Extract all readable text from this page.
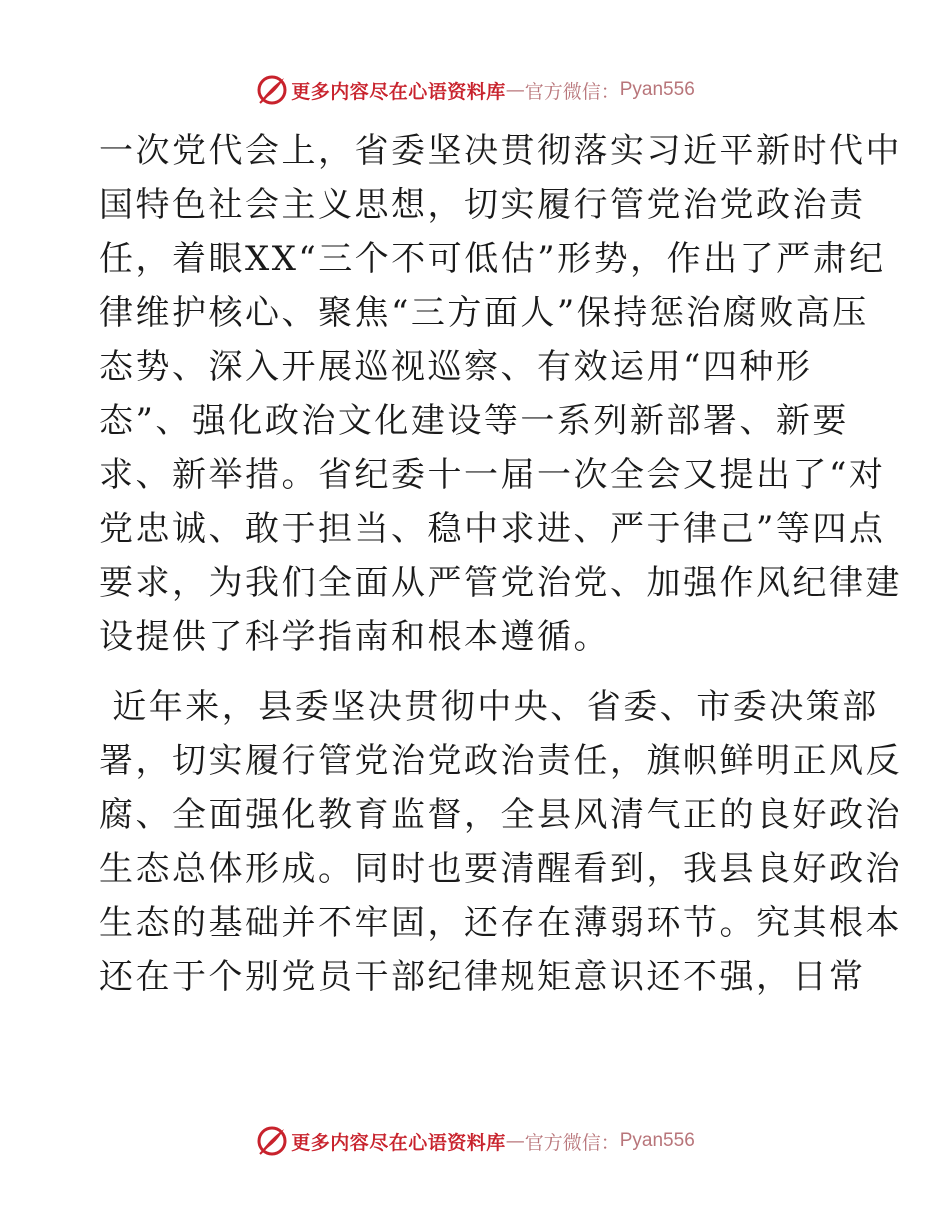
更多内容尽在心语资料库 — 官方微信： Pyan556
一次党代会上，省委坚决贯彻落实习近平新时代中
国特色社会主义思想，切实履行管党治党政治责
任，着眼XX“三个不可低估”形势，作出了严肃纪
律维护核心、聚焦“三方面人”保持惩治腐败高压
态势、深入开展巡视巡察、有效运用“四种形
态”、强化政治文化建设等一系列新部署、新要
求、新举措。省纪委十一届一次全会又提出了“对
党忠诚、敢于担当、稳中求进、严于律己”等四点
要求，为我们全面从严管党治党、加强作风纪律建
设提供了科学指南和根本遵循。
近年来，县委坚决贯彻中央、省委、市委决策部
署，切实履行管党治党政治责任，旗帜鲜明正风反
腐、全面强化教育监督，全县风清气正的良好政治
生态总体形成。同时也要清醒看到，我县良好政治
生态的基础并不牢固，还存在薄弱环节。究其根本
还在于个别党员干部纪律规矩意识还不强，日常
更多内容尽在心语资料库 — 官方微信： Pyan556
